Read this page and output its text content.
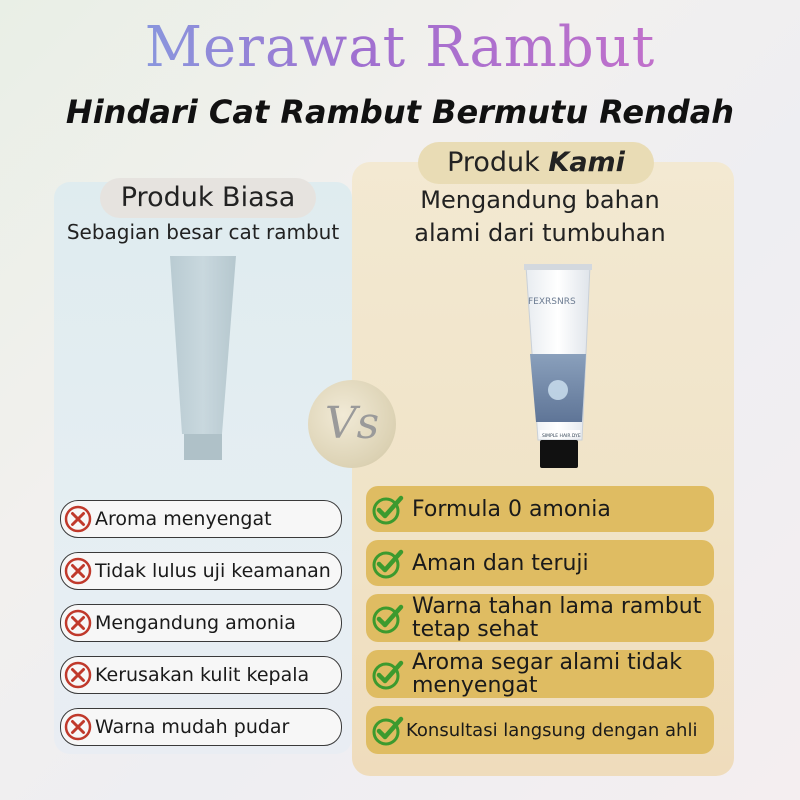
Merawat Rambut
Hindari Cat Rambut Bermutu Rendah
Produk Biasa
Produk Kami
Sebagian besar cat rambut
Mengandung bahan
alami dari tumbuhan
FEXRSNRS
SIMPLE HAIR DYE
Vs
Aroma menyengat
Tidak lulus uji keamanan
Mengandung amonia
Kerusakan kulit kepala
Warna mudah pudar
Formula 0 amonia
Aman dan teruji
Warna tahan lama rambut tetap sehat
Aroma segar alami tidak menyengat
Konsultasi langsung dengan ahli
